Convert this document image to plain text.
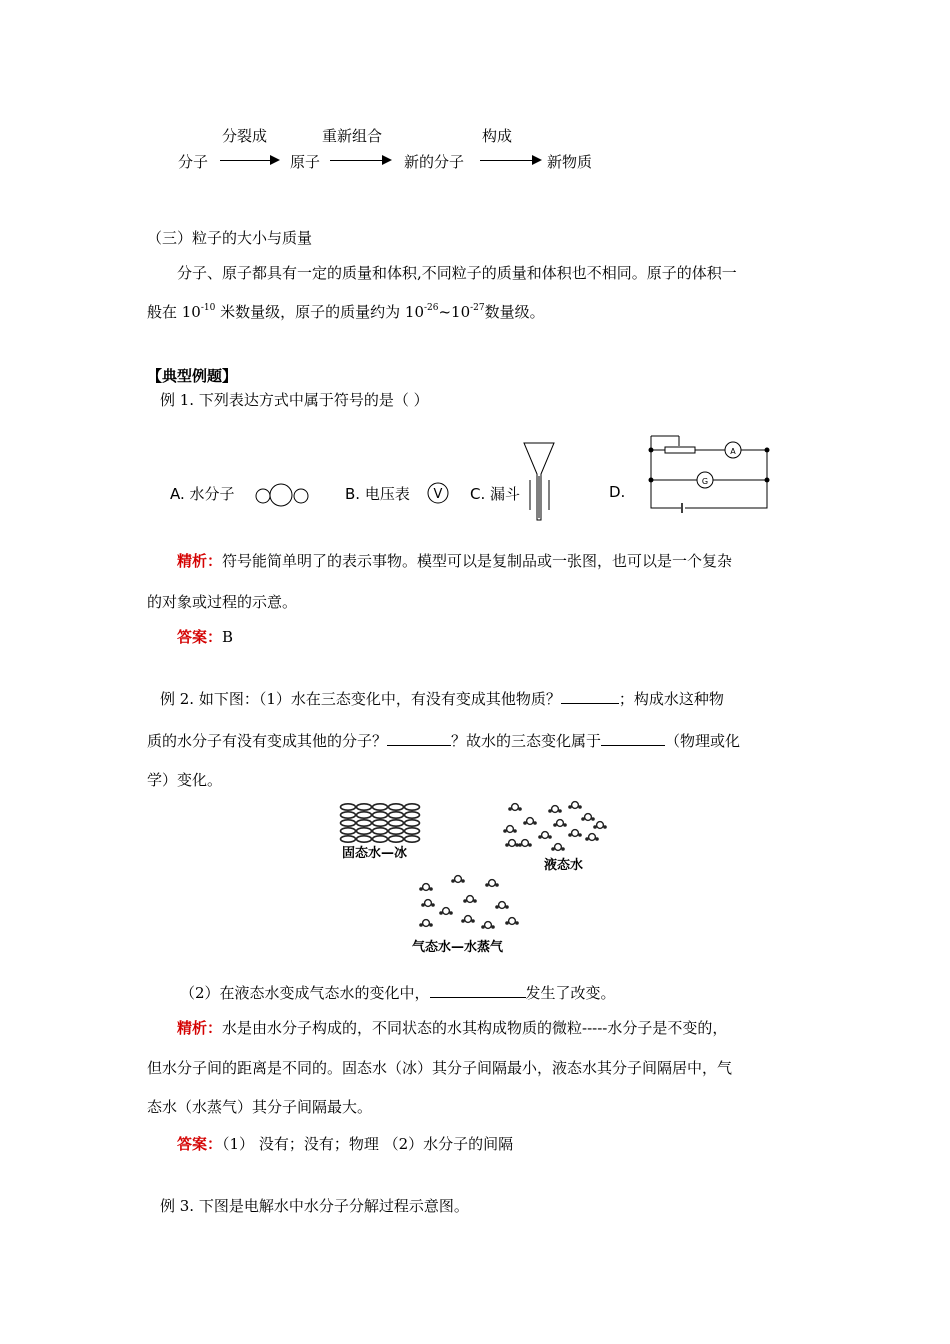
分裂成	重新组合	构成
分子	原子	新的分子	新物质
（三）粒子的大小与质量
分子、原子都具有一定的质量和体积,不同粒子的质量和体积也不相同。原子的体积一
般在 $10^{-10}$ 米数量级，原子的质量约为 $10^{-26}\sim 10^{-27}$数量级。
【典型例题】
例 1. 下列表达方式中属于符号的是（ ）
A. 水分子	B. 电压表 V C. 漏斗	D.
A
G
精析：符号能简单明了的表示事物。模型可以是复制品或一张图，也可以是一个复杂
的对象或过程的示意。
答案：B
例 2. 如下图：（1）水在三态变化中，有没有变成其他物质？	；构成水这种物
质的水分子有没有变成其他的分子？	？故水的三态变化属于	（物理或化
学）变化。
固态水—冰
液态水
气态水—水蒸气
（2）在液态水变成气态水的变化中，	发生了改变。
精析：水是由水分子构成的，不同状态的水其构成物质的微粒-----水分子是不变的，
但水分子间的距离是不同的。固态水（冰）其分子间隔最小，液态水其分子间隔居中，气
态水（水蒸气）其分子间隔最大。
答案：（1） 没有；没有；物理 （2）水分子的间隔
例 3. 下图是电解水中水分子分解过程示意图。
